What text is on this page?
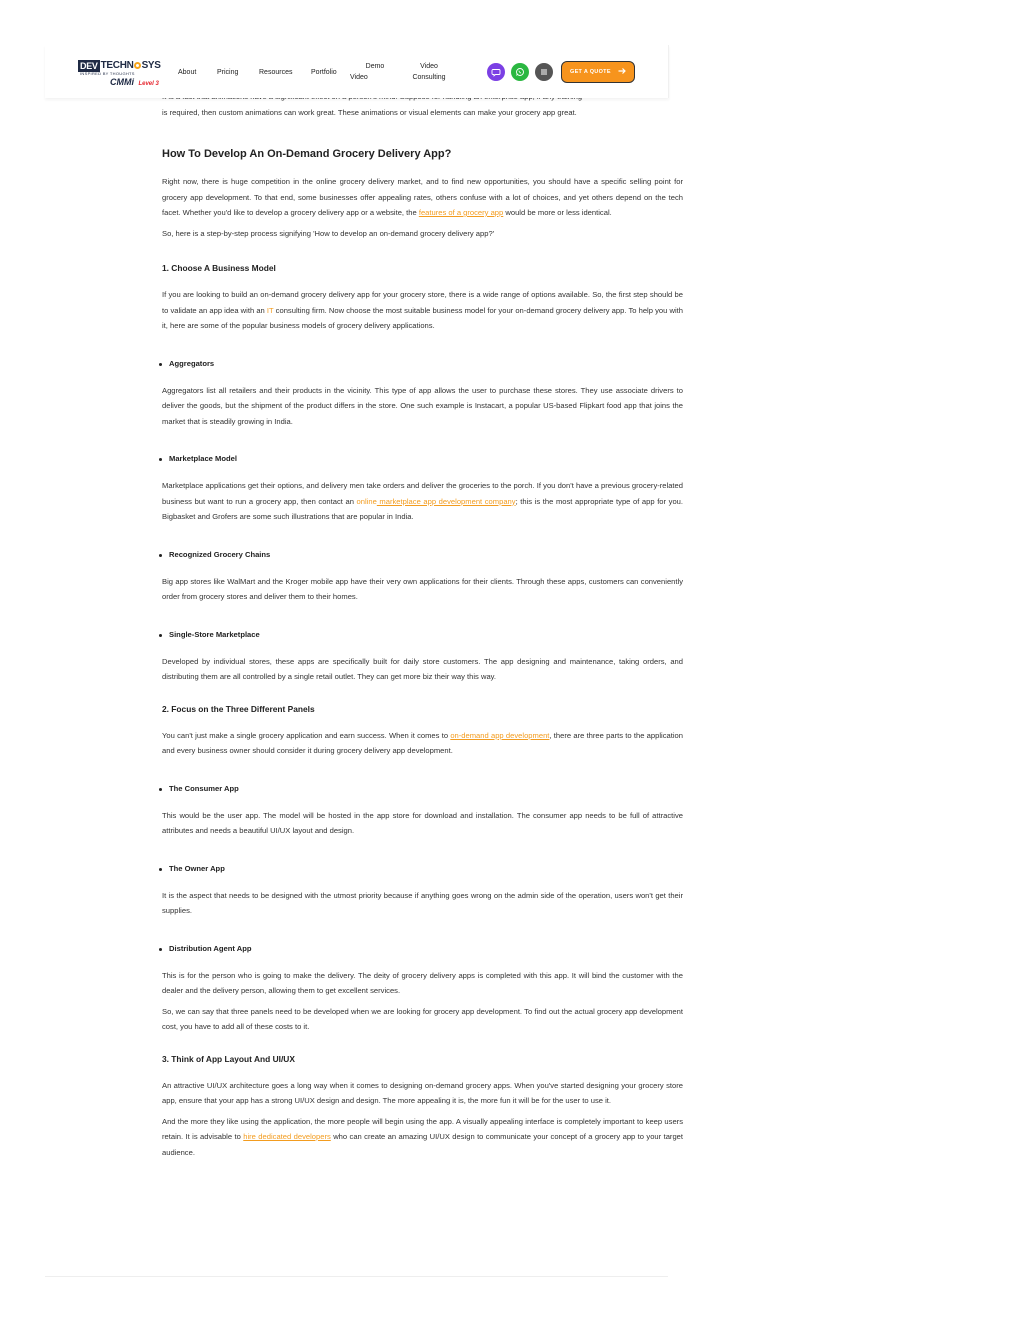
DEV TECHN SYS
INSPIRED BY THOUGHTS
CMMi Level 3
About	Pricing	Resources	Portfolio
Demo
Video
Video
Consulting
GET A QUOTE

is required, then custom animations can work great. These animations or visual elements can make your grocery app great.

How To Develop An On-Demand Grocery Delivery App?

Right now, there is huge competition in the online grocery delivery market, and to find new opportunities, you should have a specific selling point for grocery app development. To that end, some businesses offer appealing rates, others confuse with a lot of choices, and yet others depend on the tech facet. Whether you'd like to develop a grocery delivery app or a website, the features of a grocery app would be more or less identical.

So, here is a step-by-step process signifying 'How to develop an on-demand grocery delivery app?'

1. Choose A Business Model

If you are looking to build an on-demand grocery delivery app for your grocery store, there is a wide range of options available. So, the first step should be to validate an app idea with an IT consulting firm. Now choose the most suitable business model for your on-demand grocery delivery app. To help you with it, here are some of the popular business models of grocery delivery applications.

Aggregators

Aggregators list all retailers and their products in the vicinity. This type of app allows the user to purchase these stores. They use associate drivers to deliver the goods, but the shipment of the product differs in the store. One such example is Instacart, a popular US-based Flipkart food app that joins the market that is steadily growing in India.

Marketplace Model

Marketplace applications get their options, and delivery men take orders and deliver the groceries to the porch. If you don't have a previous grocery-related business but want to run a grocery app, then contact an online marketplace app development company; this is the most appropriate type of app for you. Bigbasket and Grofers are some such illustrations that are popular in India.

Recognized Grocery Chains

Big app stores like WalMart and the Kroger mobile app have their very own applications for their clients. Through these apps, customers can conveniently order from grocery stores and deliver them to their homes.

Single-Store Marketplace

Developed by individual stores, these apps are specifically built for daily store customers. The app designing and maintenance, taking orders, and distributing them are all controlled by a single retail outlet. They can get more biz their way this way.

2. Focus on the Three Different Panels

You can't just make a single grocery application and earn success. When it comes to on-demand app development, there are three parts to the application and every business owner should consider it during grocery delivery app development.

The Consumer App

This would be the user app. The model will be hosted in the app store for download and installation. The consumer app needs to be full of attractive attributes and needs a beautiful UI/UX layout and design.

The Owner App

It is the aspect that needs to be designed with the utmost priority because if anything goes wrong on the admin side of the operation, users won't get their supplies.

Distribution Agent App

This is for the person who is going to make the delivery. The deity of grocery delivery apps is completed with this app. It will bind the customer with the dealer and the delivery person, allowing them to get excellent services.

So, we can say that three panels need to be developed when we are looking for grocery app development. To find out the actual grocery app development cost, you have to add all of these costs to it.

3. Think of App Layout And UI/UX

An attractive UI/UX architecture goes a long way when it comes to designing on-demand grocery apps. When you've started designing your grocery store app, ensure that your app has a strong UI/UX design and design. The more appealing it is, the more fun it will be for the user to use it.

And the more they like using the application, the more people will begin using the app. A visually appealing interface is completely important to keep users retain. It is advisable to hire dedicated developers who can create an amazing UI/UX design to communicate your concept of a grocery app to your target audience.
